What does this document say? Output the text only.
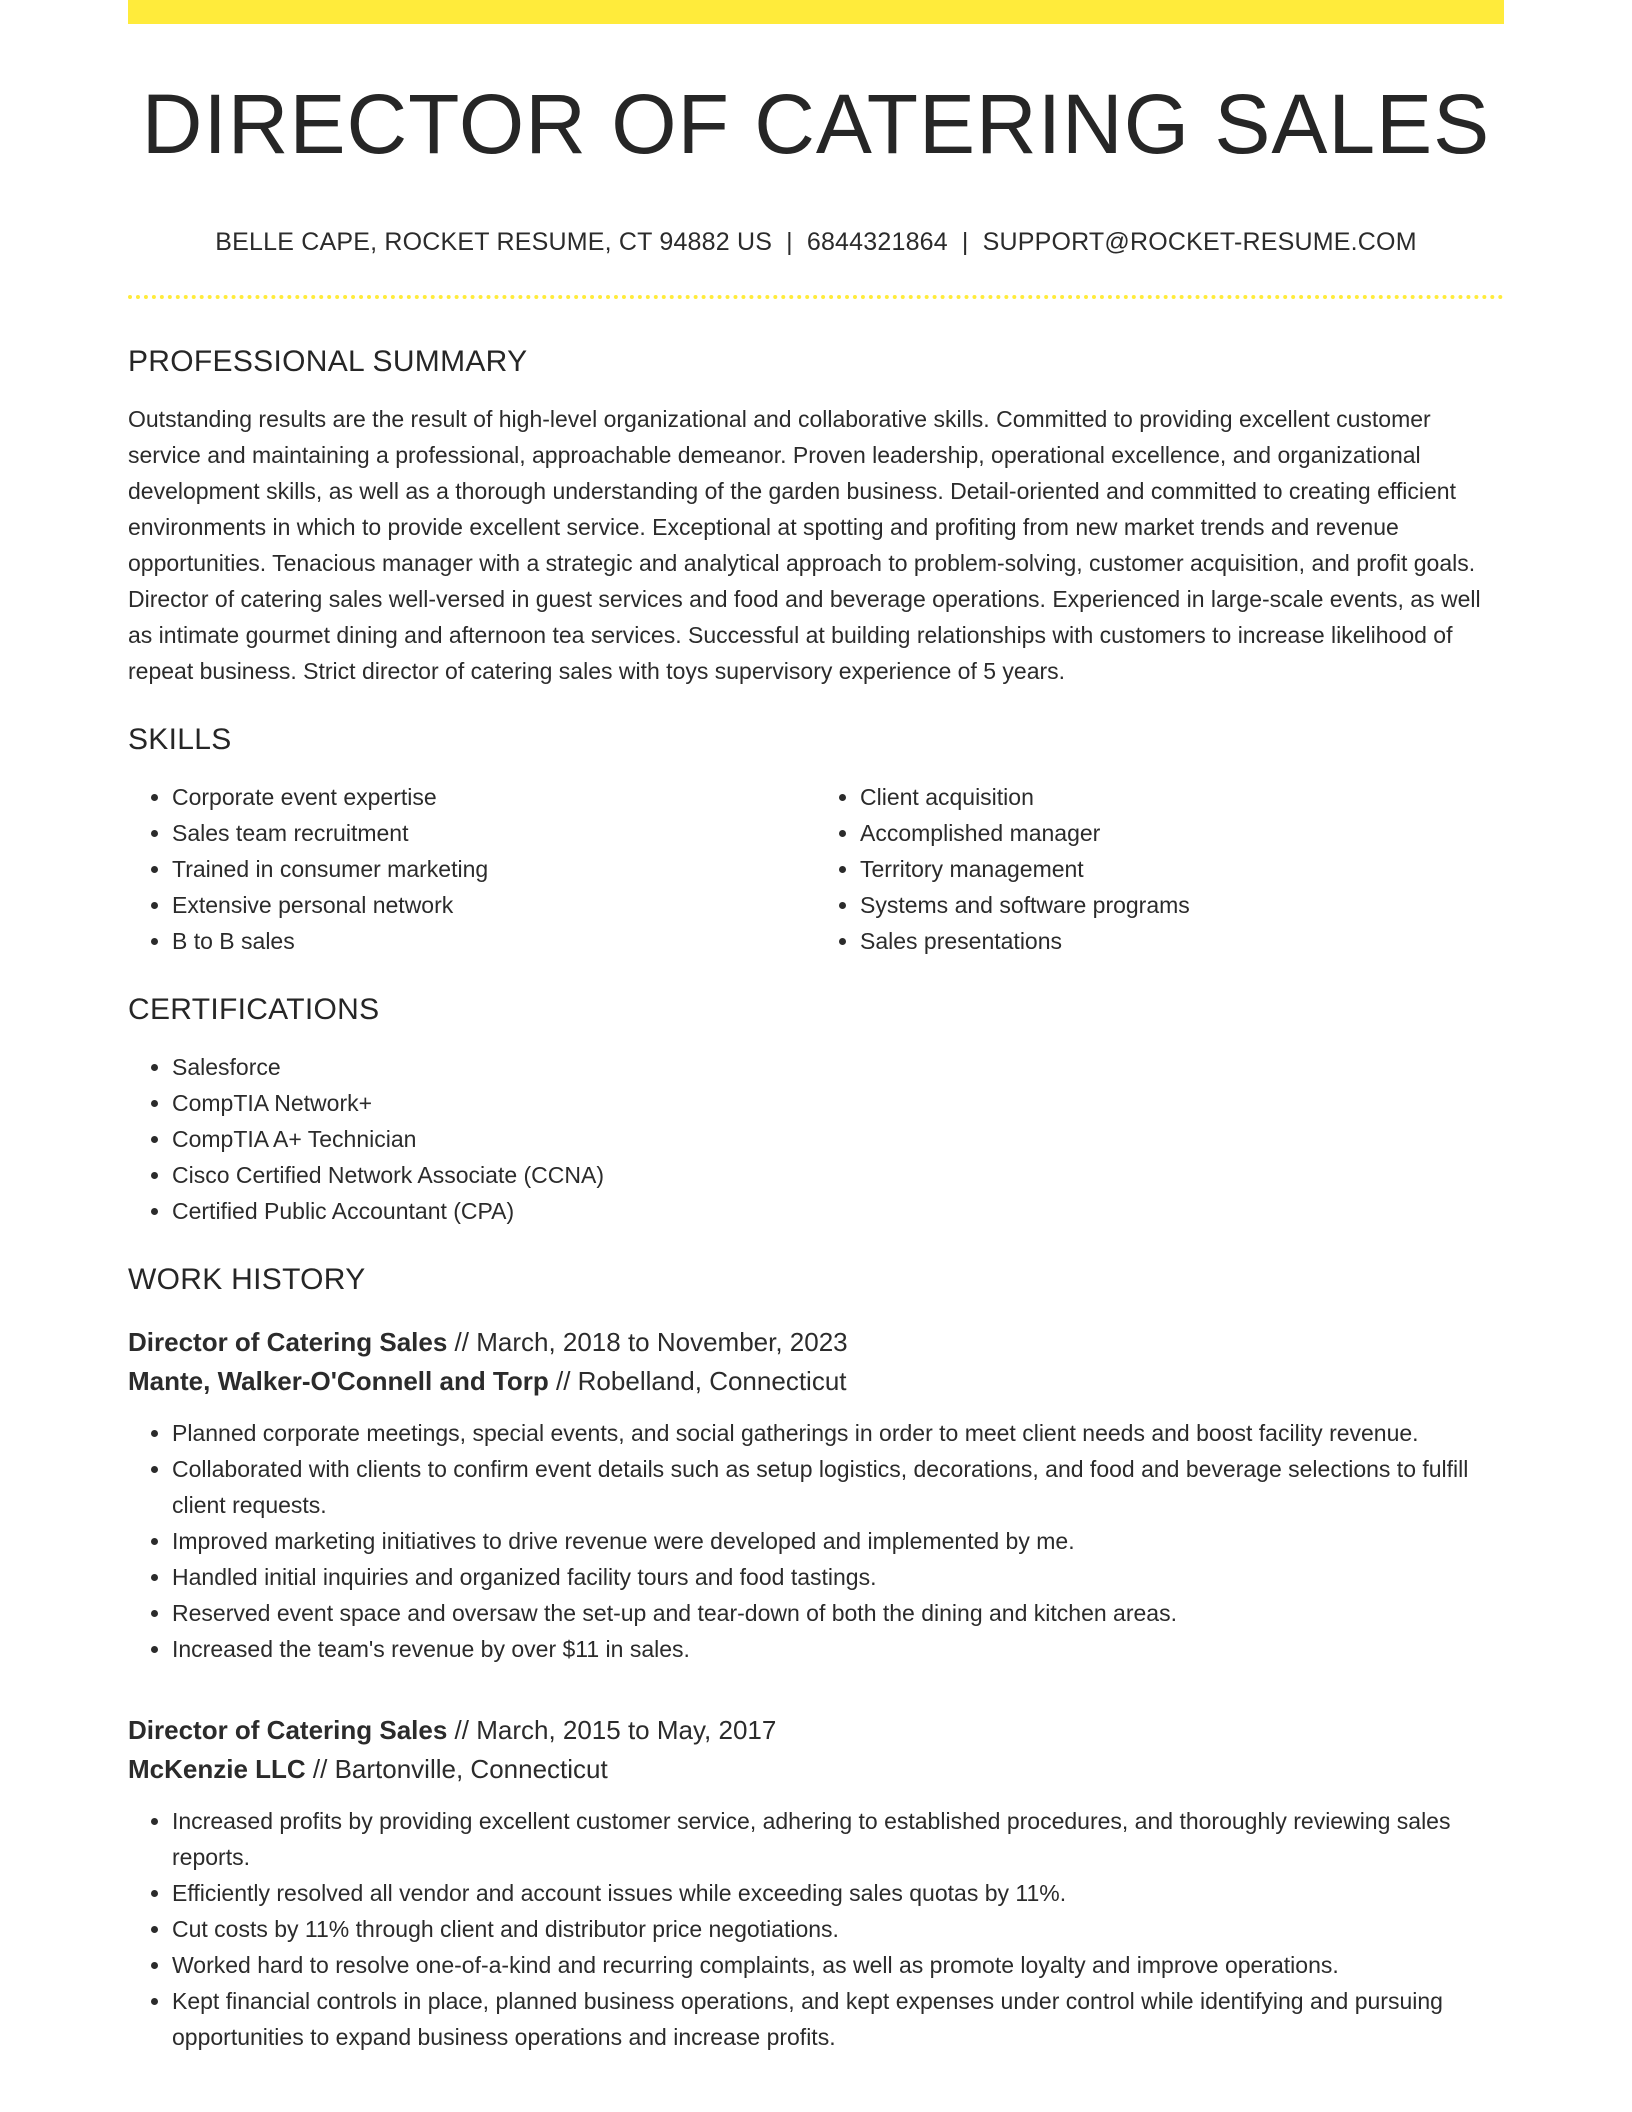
DIRECTOR OF CATERING SALES
BELLE CAPE, ROCKET RESUME, CT 94882 US | 6844321864 | SUPPORT@ROCKET-RESUME.COM
PROFESSIONAL SUMMARY

Outstanding results are the result of high-level organizational and collaborative skills. Committed to providing excellent customer service and maintaining a professional, approachable demeanor. Proven leadership, operational excellence, and organizational development skills, as well as a thorough understanding of the garden business. Detail-oriented and committed to creating efficient environments in which to provide excellent service. Exceptional at spotting and profiting from new market trends and revenue opportunities. Tenacious manager with a strategic and analytical approach to problem-solving, customer acquisition, and profit goals. Director of catering sales well-versed in guest services and food and beverage operations. Experienced in large-scale events, as well as intimate gourmet dining and afternoon tea services. Successful at building relationships with customers to increase likelihood of repeat business. Strict director of catering sales with toys supervisory experience of 5 years.

SKILLS
• Corporate event expertise
• Sales team recruitment
• Trained in consumer marketing
• Extensive personal network
• B to B sales
• Client acquisition
• Accomplished manager
• Territory management
• Systems and software programs
• Sales presentations
CERTIFICATIONS
• Salesforce
• CompTIA Network+
• CompTIA A+ Technician
• Cisco Certified Network Associate (CCNA)
• Certified Public Accountant (CPA)
WORK HISTORY
Director of Catering Sales // March, 2018 to November, 2023
Mante, Walker-O'Connell and Torp // Robelland, Connecticut
• Planned corporate meetings, special events, and social gatherings in order to meet client needs and boost facility revenue.
• Collaborated with clients to confirm event details such as setup logistics, decorations, and food and beverage selections to fulfill client requests.
• Improved marketing initiatives to drive revenue were developed and implemented by me.
• Handled initial inquiries and organized facility tours and food tastings.
• Reserved event space and oversaw the set-up and tear-down of both the dining and kitchen areas.
• Increased the team's revenue by over $11 in sales.
Director of Catering Sales // March, 2015 to May, 2017
McKenzie LLC // Bartonville, Connecticut
• Increased profits by providing excellent customer service, adhering to established procedures, and thoroughly reviewing sales reports.
• Efficiently resolved all vendor and account issues while exceeding sales quotas by 11%.
• Cut costs by 11% through client and distributor price negotiations.
• Worked hard to resolve one-of-a-kind and recurring complaints, as well as promote loyalty and improve operations.
• Kept financial controls in place, planned business operations, and kept expenses under control while identifying and pursuing opportunities to expand business operations and increase profits.
